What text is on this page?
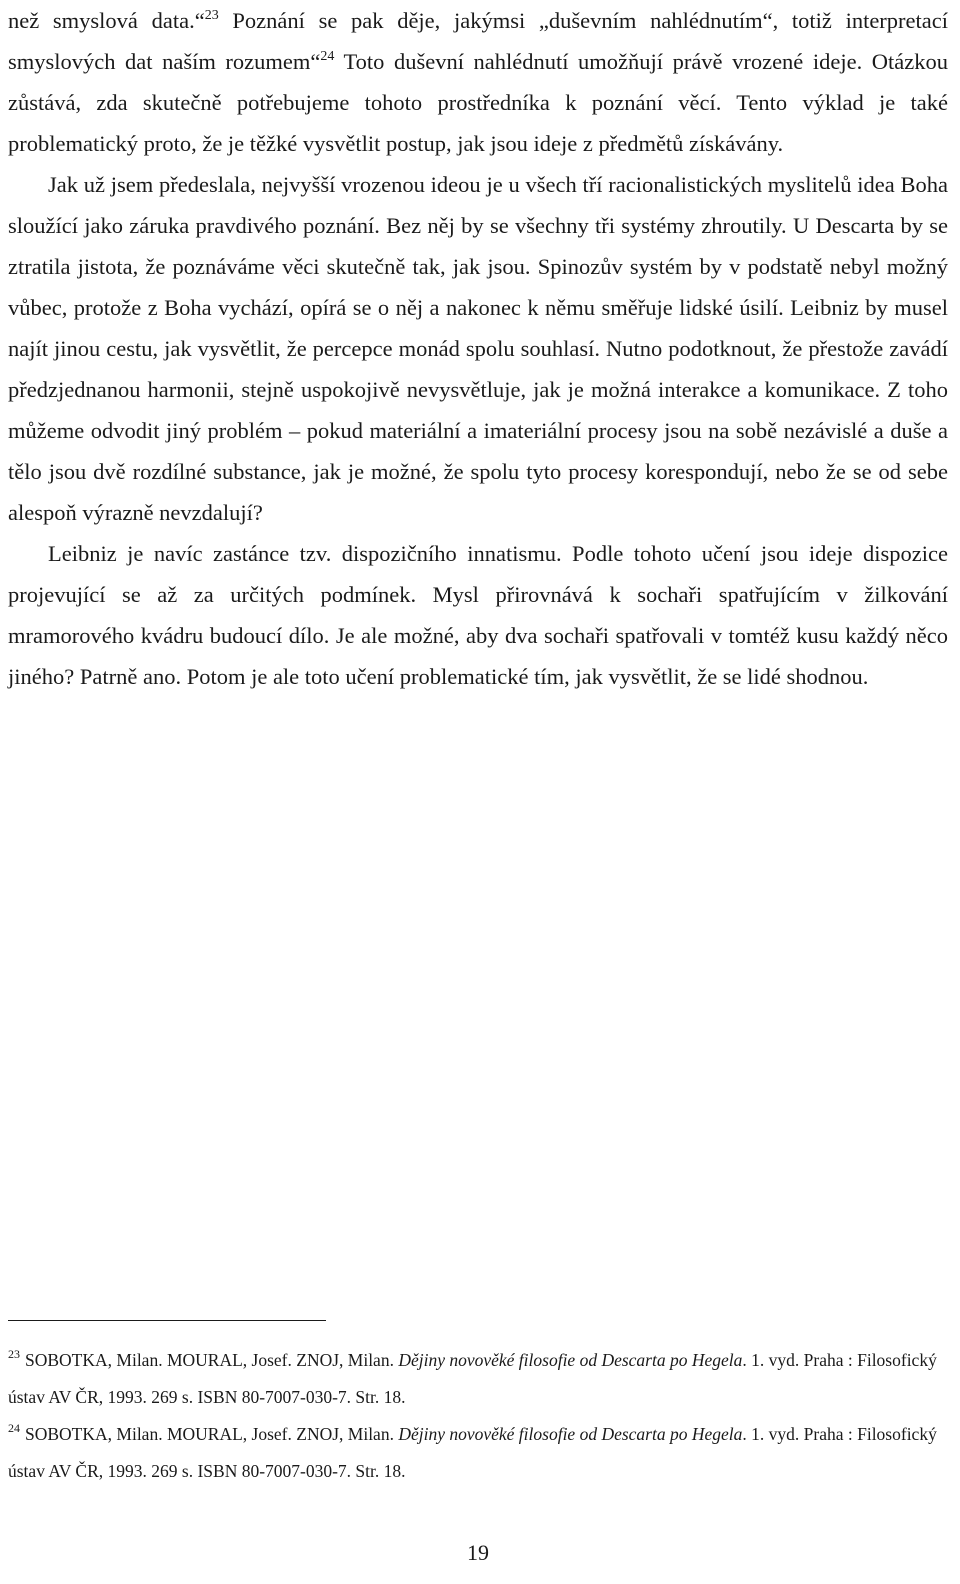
než smyslová data.“$^{23}$ Poznání se pak děje, jakýmsi „duševním nahlédnutím“, totiž interpretací smyslových dat naším rozumem“$^{24}$ Toto duševní nahlédnutí umožňují právě vrozené ideje. Otázkou zůstává, zda skutečně potřebujeme tohoto prostředníka k poznání věcí. Tento výklad je také problematický proto, že je těžké vysvětlit postup, jak jsou ideje z předmětů získávány.

Jak už jsem předeslala, nejvyšší vrozenou ideou je u všech tří racionalistických myslitelů idea Boha sloužící jako záruka pravdivého poznání. Bez něj by se všechny tři systémy zhroutily. U Descarta by se ztratila jistota, že poznáváme věci skutečně tak, jak jsou. Spinozův systém by v podstatě nebyl možný vůbec, protože z Boha vychází, opírá se o něj a nakonec k němu směřuje lidské úsilí. Leibniz by musel najít jinou cestu, jak vysvětlit, že percepce monád spolu souhlasí. Nutno podotknout, že přestože zavádí předzjednanou harmonii, stejně uspokojivě nevysvětluje, jak je možná interakce a komunikace. Z toho můžeme odvodit jiný problém – pokud materiální a imateriální procesy jsou na sobě nezávislé a duše a tělo jsou dvě rozdílné substance, jak je možné, že spolu tyto procesy korespondují, nebo že se od sebe alespoň výrazně nevzdalují?

Leibniz je navíc zastánce tzv. dispozičního innatismu. Podle tohoto učení jsou ideje dispozice projevující se až za určitých podmínek. Mysl přirovnává k sochaři spatřujícím v žilkování mramorového kvádru budoucí dílo. Je ale možné, aby dva sochaři spatřovali v tomtéž kusu každý něco jiného? Patrně ano. Potom je ale toto učení problematické tím, jak vysvětlit, že se lidé shodnou.

$^{23}$ SOBOTKA, Milan. MOURAL, Josef. ZNOJ, Milan. Dějiny novověké filosofie od Descarta po Hegela. 1. vyd. Praha : Filosofický ústav AV ČR, 1993. 269 s. ISBN 80-7007-030-7. Str. 18.

$^{24}$ SOBOTKA, Milan. MOURAL, Josef. ZNOJ, Milan. Dějiny novověké filosofie od Descarta po Hegela. 1. vyd. Praha : Filosofický ústav AV ČR, 1993. 269 s. ISBN 80-7007-030-7. Str. 18.

19
